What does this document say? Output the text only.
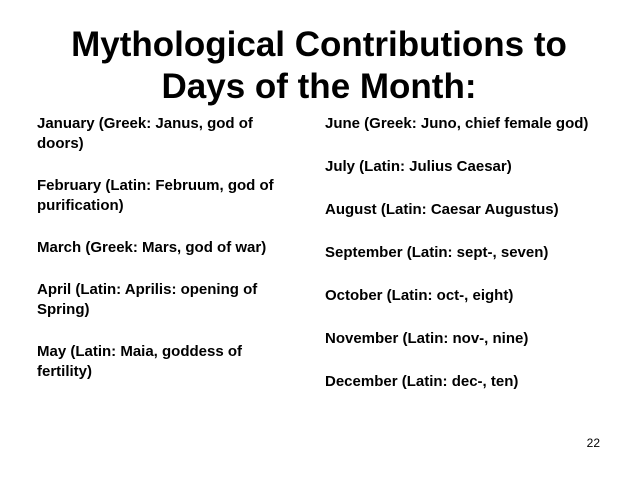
Mythological Contributions to
Days of the Month:

January (Greek: Janus, god of doors)

February (Latin: Februum, god of purification)

March (Greek: Mars, god of war)

April (Latin: Aprilis: opening of Spring)

May (Latin: Maia, goddess of fertility)

June (Greek: Juno, chief female god)

July (Latin: Julius Caesar)

August (Latin: Caesar Augustus)

September (Latin: sept-, seven)

October (Latin: oct-, eight)

November (Latin: nov-, nine)

December (Latin: dec-, ten)

22
